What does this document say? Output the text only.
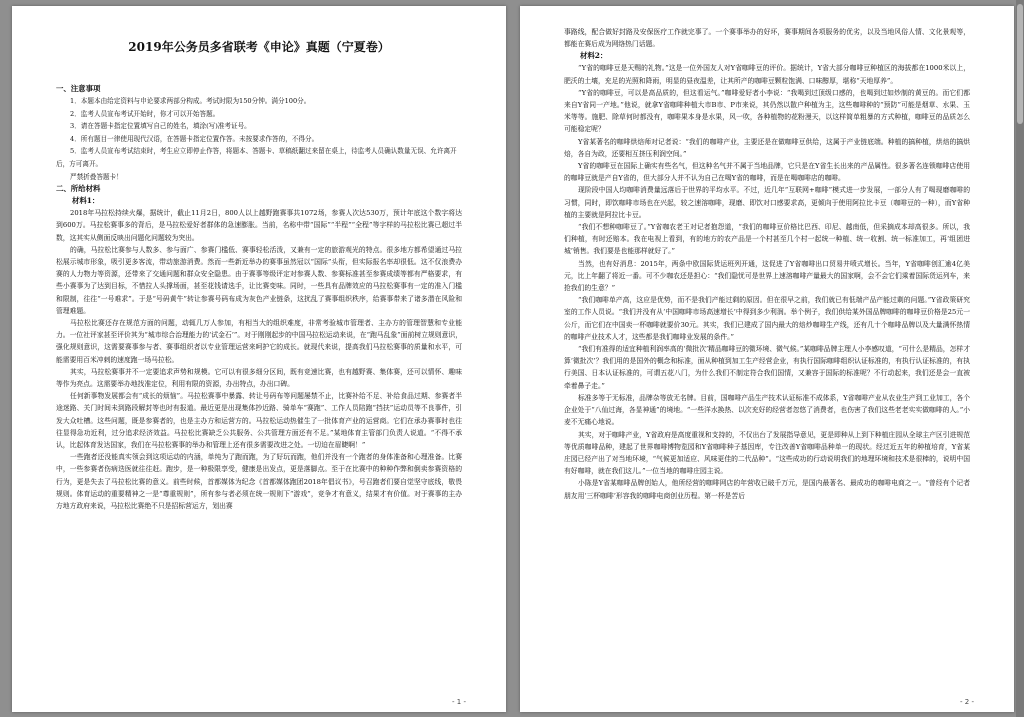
2019年公务员多省联考《申论》真题（宁夏卷）
一、注意事项

1．本题本由给定资料与申论要求两部分构成。考试时限为150分钟。满分100分。

2．监考人员宣布考试开始时，你才可以开始答题。

3．请在答题卡指定位置填写自己的姓名，填涂(写)准考证号。

4．所有题目一律使用现代汉语，在答题卡指定位置作答。未按要求作答的，不得分。

5．监考人员宣布考试结束时，考生应立即停止作答，将题本、答题卡、草稿纸翻过来留在桌上，待监考人员确认数量无误、允许离开后，方可离开。

严禁折叠答题卡！

二、所给材料
材料1：

2018年马拉松持续火爆，据统计，截止11月2日，800人以上越野跑赛事共1072场，参赛人次达530万，预计年底这个数字将达到600万。马拉松赛事多的背后，是马拉松爱好者群体的急速膨胀。当前，名称中带“国际”“半程”“全程”等字样的马拉松比赛已超过半数，这其实从侧面反映出问题化问题较为突出。

的确，马拉松比赛参与人数多、参与面广、参赛门槛低、赛事轻松活泼，又兼有一定的旅游观光的特点。很多地方都希望通过马拉松展示城市形象，吸引更多客流，带动旅游消费。然而一些新近举办的赛事虽然冠以“国际”头衔，但实际报名率却很低。这不仅浪费办赛的人力物力等资源，还带来了交通问题和群众安全隐患。由于赛事等级评定对参赛人数、参赛标准甚至参赛成绩等都有严格要求，有些小赛事为了达到目标，不惜拉人头撑场面，甚至花钱请选手，让比赛变味。同时，一些具有品牌效应的马拉松赛事有一定的准入门槛和限制，往往“一号难求”。于是“号码黄牛”转让参赛号码布成为灰色产业链条，这扰乱了赛事组织秩序，给赛事带来了诸多潜在风险和管理难题。

马拉松比赛还存在规范方面的问题，动辄几万人参加，有相当大的组织难度，非常考验城市管理者、主办方的管理智慧和专业能力。一位社评家甚至评价其为“城市综合治理能力的‘试金石’”。对于刚刚起步的中国马拉松运动来说，在“跑马乱象”面前树立规则意识，强化规则意识，这需要赛事参与者、赛事组织者以专业管理运营来呵护它的成长。就现代来说，提高我们马拉松赛事的质量和水平，可能需要用百米冲刺的速度跑一场马拉松。

其实，马拉松赛事并不一定要追求声势和规模。它可以有很多细分区间，既有竞速比赛，也有越野赛、集体赛，还可以情怀、趣味等作为亮点。这需要举办地找准定位，利用有限的资源，办出特点，办出口碑。

任何新事物发展都会有“成长的烦恼”。马拉松赛事中暴露、转让号码布等问题屡禁不止，比赛补给不足、补给食品过期、参赛者半途迷路、关门时间未到路段解封等也时有报道。最近更是出现集体抄近路、骑单车“赛跑”、工作人员陪跑“挡扶”运动员等不良事件，引发大众吐槽。这些问题，既是参赛者的，也是主办方和运营方的。马拉松运动热催生了一批体育产业的运营商。它们在承办赛事时也往往显得急功近利，过分追求经济效益。马拉松比赛缺乏公共服务、公共管理方面还有不足。”某地体育主管部门负责人说道。“不得不承认，比起体育发达国家，我们在马拉松赛事的举办和管理上还有很多需要改进之处。一切迫在眉睫啊！”

一些跑者还没能真实领会到这项运动的内涵，单纯为了跑而跑，为了好玩而跑，他们并没有一个跑者的身体准备和心理准备。比赛中，一些参赛者伤病迭医就往往赶。跑步，是一种极限享受，健康是出发点，更是落脚点。至于在比赛中的种种作弊和倒卖参赛资格的行为，更是失去了马拉松比赛的意义。前些时候，首都媒体为纪念《首都媒体跑团2018年倡议书》，号召跑者们要自觉坚守底线，敬畏规则。体育运动的重要精神之一是“尊重规则”，所有参与者必须在统一规则下“游戏”，竞争才有意义，结果才有价值。对于赛事的主办方地方政府来说，马拉松比赛绝不只是招标营运方，划出赛

- 1 -

事路线，配合做好封路及安保医疗工作就完事了。一个赛事举办的好坏，赛事期间各项服务的优劣，以及当地风俗人情、文化景观等，都能在赛后成为网络热门话题。

材料2：

“Y省的咖啡豆是天赐的礼物。”这是一位外国友人对Y省咖啡豆的评价。据统计，Y省大部分咖啡豆种植区的海拔都在1000米以上，肥沃的土壤，充足的光照和降雨，明显的昼夜温差，让其所产的咖啡豆颗粒饱满、口味醇厚，堪称“天地厚养”。

“Y省的咖啡豆，可以是高品质的，但这看运气。”咖啡爱好者小李说：“我喝到过顶级口感的，也喝到过如炒制的黄豆的。而它们都来自Y省同一产地。”他说，就拿Y省咖啡种植大市B市、P市来说，其仍然以散户种植为主，这些咖啡种的“预防”可能是烟草、水果、玉米等等。施肥、除草何时都没有，咖啡果本身是水果，风一吹，各种植物的花粉漫天，以这样简单粗暴的方式种植，咖啡豆的品质怎么可能稳定呢？

Y省某著名的咖啡烘焙师对记者说：“我们的咖啡产业，主要还是在做咖啡豆供给，这属于产业链底端。种植的搞种植，烘焙的搞烘焙，各自为政，还要相互挤压利润空间。”

Y省的咖啡豆在国际上确实有些名气，但这种名气并不属于当地品牌，它只是在Y省生长出来的产品属性。很多著名连锁咖啡店使用的咖啡豆就是产自Y省的，但大部分人并不认为自己在喝Y省的咖啡，而是在喝咖啡店的咖啡。

现阶段中国人均咖啡消费量远落后于世界的平均水平。不过，近几年“互联网+咖啡”模式进一步发展，一部分人有了喝现磨咖啡的习惯，同时，即饮咖啡市场也在兴起，较之速溶咖啡，现磨、即饮对口感要求高，更倾向于使用阿拉比卡豆（咖啡豆的一种），而Y省种植的主要就是阿拉比卡豆。

“我们不想种咖啡豆了。”Y省咖农老王对记者抱怨道，“我们的咖啡豆价格比巴西、印尼、越南低，但采摘成本却高很多。所以，我们种植，有时还赔本。我在电视上看到，有的地方的农产品是一个村甚至几个村一起统一种植、统一收割、统一标准加工，再‘组团进城’销售。我们要是也能那样就好了。”

当然，也有好消息：2015年，两条中欧国际货运班列开通，这促进了Y省咖啡出口贸易井喷式增长。当年，Y省咖啡创汇逾4亿美元，比上年翻了将近一番。可不少咖农还是担心：“我们隐忧可是世界上速溶咖啡产量最大的国家啊，会不会它们乘着国际货运列车，来抢我们的生意？”

“我们咖啡单产高，这应是优势，而不是我们产能过剩的原因。但在很早之前，我们就已有低端产品产能过剩的问题。”Y省政策研究室的工作人员说。“我们并没有从‘中国咖啡市场高速增长’中得到多少利润。举个例子，我们供给某外国品牌咖啡的咖啡豆价格是25元一公斤，而它们在中国卖一杯咖啡就要价30元。其实，我们已建成了国内最大的焙炒咖啡生产线，还有几十个咖啡品牌以及大量满怀热情的咖啡产业技术人才，这些都是我们咖啡业发展的条件。”

“我们有准得的适宜种植利润率高的‘微批次’精品咖啡豆的微环境、微气候。”某咖啡品牌主理人小李感叹道，“可什么是精品，怎样才算‘微批次’？我们用的是国外的概念和标准，面从种植到加工生产经营企业，有执行国际咖啡组织认证标准的，有执行认证标准的，有执行美国、日本认证标准的，可谓五花八门，为什么我们不制定符合我们国情，又兼容于国际的标准呢？不行动起来，我们还是会一直被牵着鼻子走。”

标准多等于无标准，品牌杂等放无名牌。目前，国咖啡产品生产技术认证标准不成体系，Y省咖啡产业从农业生产到工业加工，各个企业处于“八仙过海，各显神通”的境地。“一些洋水换热、以次充好的经营者忽悠了消费者，也伤害了我们这些老老实实做咖啡的人。”小麦不无痛心地说。

其实，对于咖啡产业，Y省政府是高度重视和支持的，不仅出台了发展指导意见，更是即种从上到下种植庄园从全球主产区引进规范等优质咖啡品种，建起了世界咖啡博物览园和Y省咖啡种子基因库，专注改善Y省咖啡品种单一的现状。经过近五年的种植培育，Y省某庄园已经产出了对当地环境，“气候更加适应、风味更佳的二代品种”。“这些成功的行动说明我们的地理环境和技术是很棒的，说明中国有好咖啡，就在我们这儿。”一位当地的咖啡庄园主说。

小陈是Y省某咖啡品牌创始人，他所经营的咖啡网店的年营收已破千万元，是国内最著名、最成功的咖啡电商之一。“曾经有个记者朋友用‘三杯咖啡’形容我的咖啡电商创业历程。第一杯是苦后

- 2 -
